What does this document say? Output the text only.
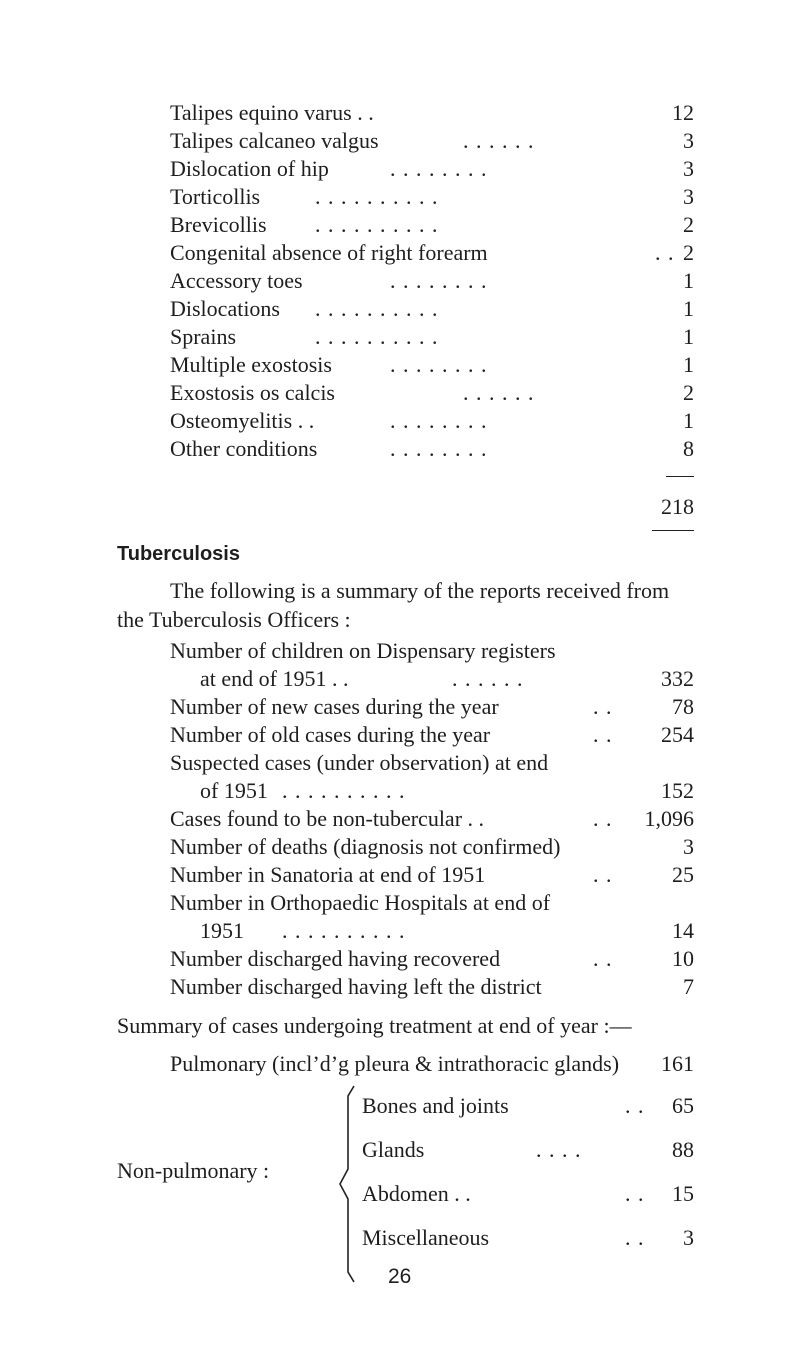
Talipes equino varus . .	12
Talipes calcaneo valgus	. . . . . .	3
Dislocation of hip	. . . . . . . .	3
Torticollis . . . . . . . . . .	3
Brevicollis . . . . . . . . . .	2
Congenital absence of right forearm	. . 2
Accessory toes	. . . . . . . .	1
Dislocations . . . . . . . . . .	1
Sprains	. . . . . . . . . .	1
Multiple exostosis	. . . . . . . .	1
Exostosis os calcis	. . . . . .	2
Osteomyelitis . .	. . . . . . . .	1
Other conditions	. . . . . . . .	8
218
Tuberculosis
The following is a summary of the reports received from
the Tuberculosis Officers :
Number of children on Dispensary registers
at end of 1951 . .	. . . . . .	332
Number of new cases during the year	. .	78
Number of old cases during the year	. . 254
Suspected cases (under observation) at end
of 1951 . . . . . . . . . .	152
Cases found to be non-tubercular . .	. . 1,096
Number of deaths (diagnosis not confirmed)	3
Number in Sanatoria at end of 1951	. .	25
Number in Orthopaedic Hospitals at end of
1951 . . . . . . . . . .	14
Number discharged having recovered	. .	10
Number discharged having left the district	7
Summary of cases undergoing treatment at end of year :—
Pulmonary (incl’d’g pleura & intrathoracic glands) 161
Non-pulmonary :
Bones and joints	. . 65
Glands	. . . .	88
Abdomen . .	. . 15
Miscellaneous	. . 3
26
